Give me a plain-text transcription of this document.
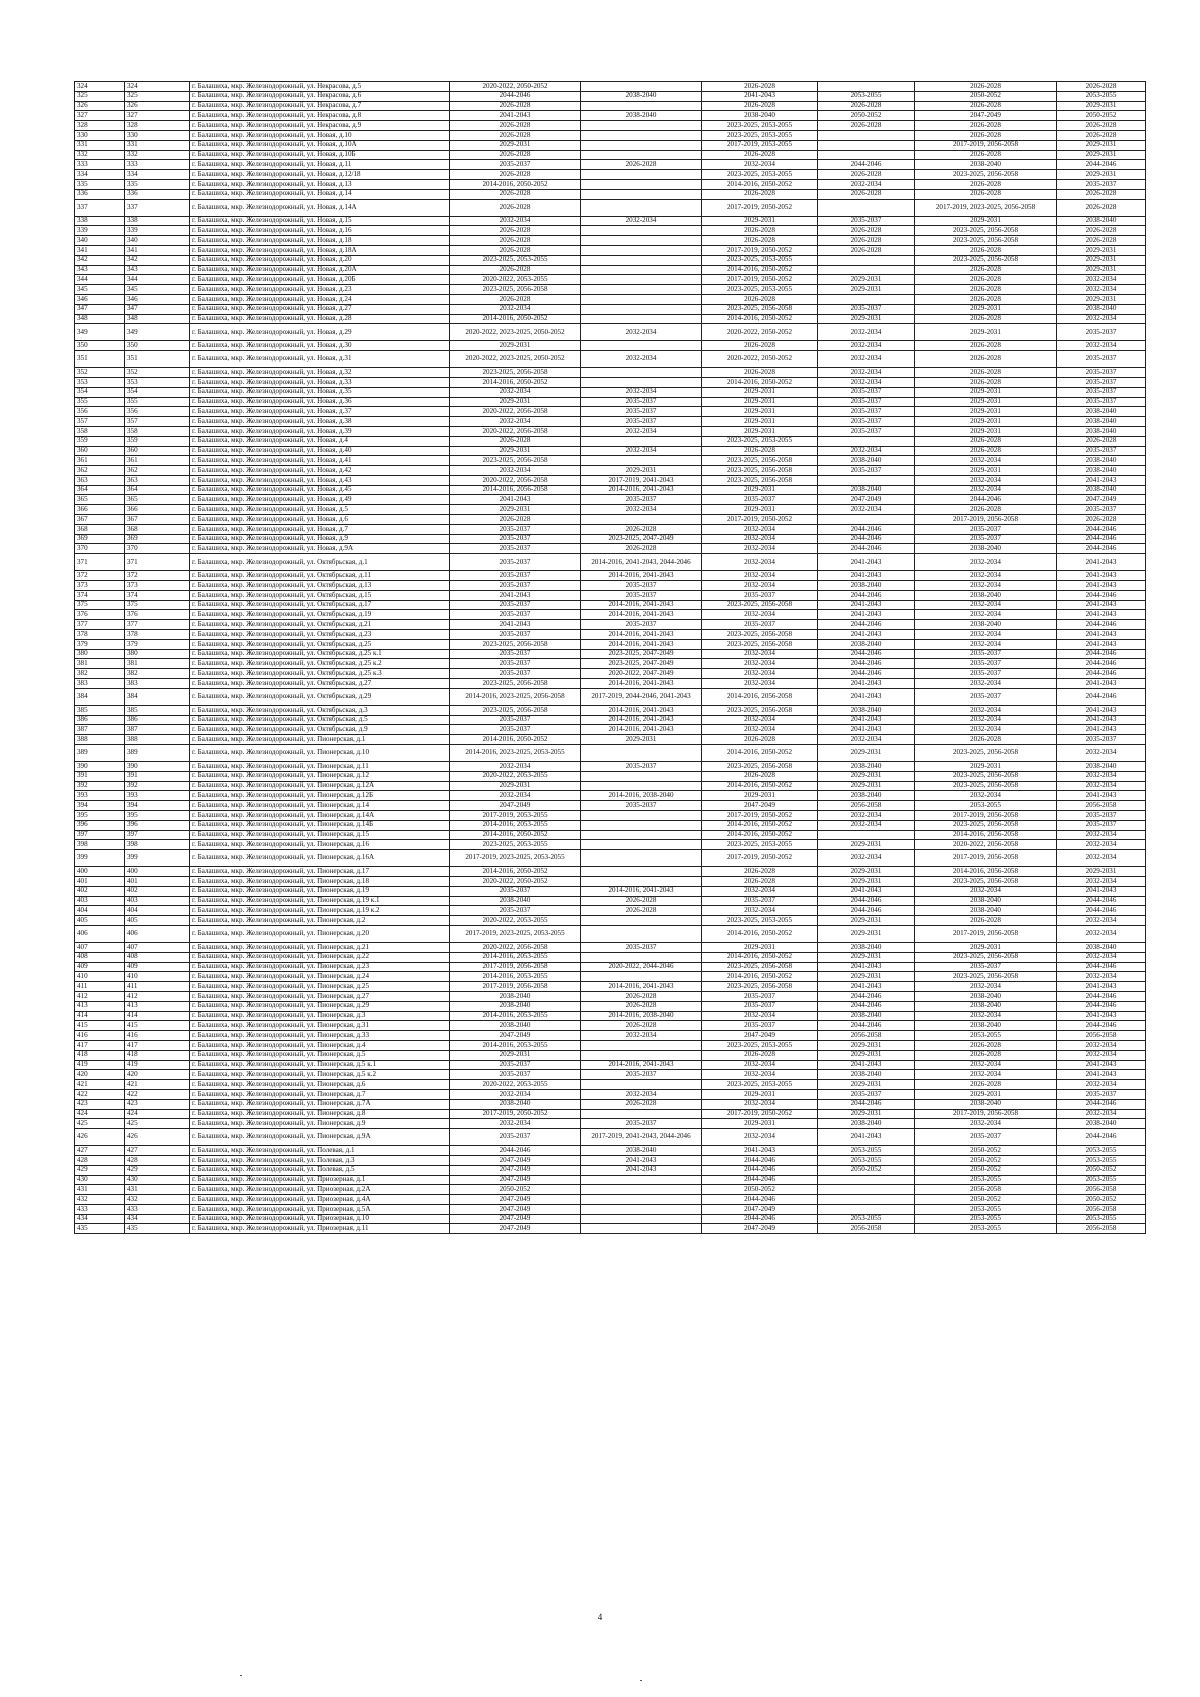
324	324	г. Балашиха, мкр. Железнодорожный, ул. Некрасова, д.5	2020-2022, 2050-2052		2026-2028		2026-2028	2026-2028
325	325	г. Балашиха, мкр. Железнодорожный, ул. Некрасова, д.6	2044-2046	2038-2040	2041-2043	2053-2055	2050-2052	2053-2055
326	326	г. Балашиха, мкр. Железнодорожный, ул. Некрасова, д.7	2026-2028		2026-2028	2026-2028	2026-2028	2029-2031
327	327	г. Балашиха, мкр. Железнодорожный, ул. Некрасова, д.8	2041-2043	2038-2040	2038-2040	2050-2052	2047-2049	2050-2052
328	328	г. Балашиха, мкр. Железнодорожный, ул. Некрасова, д.9	2026-2028		2023-2025, 2053-2055	2026-2028	2026-2028	2026-2028
330	330	г. Балашиха, мкр. Железнодорожный, ул. Новая, д.10	2026-2028		2023-2025, 2053-2055		2026-2028	2026-2028
331	331	г. Балашиха, мкр. Железнодорожный, ул. Новая, д.10А	2029-2031		2017-2019, 2053-2055		2017-2019, 2056-2058	2029-2031
332	332	г. Балашиха, мкр. Железнодорожный, ул. Новая, д.10Б	2026-2028		2026-2028		2026-2028	2029-2031
333	333	г. Балашиха, мкр. Железнодорожный, ул. Новая, д.11	2035-2037	2026-2028	2032-2034	2044-2046	2038-2040	2044-2046
334	334	г. Балашиха, мкр. Железнодорожный, ул. Новая, д.12/18	2026-2028		2023-2025, 2053-2055	2026-2028	2023-2025, 2056-2058	2029-2031
335	335	г. Балашиха, мкр. Железнодорожный, ул. Новая, д.13	2014-2016, 2050-2052		2014-2016, 2050-2052	2032-2034	2026-2028	2035-2037
336	336	г. Балашиха, мкр. Железнодорожный, ул. Новая, д.14	2026-2028		2026-2028	2026-2028	2026-2028	2026-2028
337	337	г. Балашиха, мкр. Железнодорожный, ул. Новая, д.14А	2026-2028		2017-2019, 2050-2052		2017-2019, 2023-2025, 2056-2058	2026-2028
338	338	г. Балашиха, мкр. Железнодорожный, ул. Новая, д.15	2032-2034	2032-2034	2029-2031	2035-2037	2029-2031	2038-2040
339	339	г. Балашиха, мкр. Железнодорожный, ул. Новая, д.16	2026-2028		2026-2028	2026-2028	2023-2025, 2056-2058	2026-2028
340	340	г. Балашиха, мкр. Железнодорожный, ул. Новая, д.18	2026-2028		2026-2028	2026-2028	2023-2025, 2056-2058	2026-2028
341	341	г. Балашиха, мкр. Железнодорожный, ул. Новая, д.18А	2026-2028		2017-2019, 2050-2052	2026-2028	2026-2028	2029-2031
342	342	г. Балашиха, мкр. Железнодорожный, ул. Новая, д.20	2023-2025, 2053-2055		2023-2025, 2053-2055		2023-2025, 2056-2058	2029-2031
343	343	г. Балашиха, мкр. Железнодорожный, ул. Новая, д.20А	2026-2028		2014-2016, 2050-2052		2026-2028	2029-2031
344	344	г. Балашиха, мкр. Железнодорожный, ул. Новая, д.20Б	2020-2022, 2053-2055		2017-2019, 2050-2052	2029-2031	2026-2028	2032-2034
345	345	г. Балашиха, мкр. Железнодорожный, ул. Новая, д.23	2023-2025, 2056-2058		2023-2025, 2053-2055	2029-2031	2026-2028	2032-2034
346	346	г. Балашиха, мкр. Железнодорожный, ул. Новая, д.24	2026-2028		2026-2028		2026-2028	2029-2031
347	347	г. Балашиха, мкр. Железнодорожный, ул. Новая, д.27	2032-2034		2023-2025, 2056-2058	2035-2037	2029-2031	2038-2040
348	348	г. Балашиха, мкр. Железнодорожный, ул. Новая, д.28	2014-2016, 2050-2052		2014-2016, 2050-2052	2029-2031	2026-2028	2032-2034
349	349	г. Балашиха, мкр. Железнодорожный, ул. Новая, д.29	2020-2022, 2023-2025, 2050-2052	2032-2034	2020-2022, 2050-2052	2032-2034	2029-2031	2035-2037
350	350	г. Балашиха, мкр. Железнодорожный, ул. Новая, д.30	2029-2031		2026-2028	2032-2034	2026-2028	2032-2034
351	351	г. Балашиха, мкр. Железнодорожный, ул. Новая, д.31	2020-2022, 2023-2025, 2050-2052	2032-2034	2020-2022, 2050-2052	2032-2034	2026-2028	2035-2037
352	352	г. Балашиха, мкр. Железнодорожный, ул. Новая, д.32	2023-2025, 2056-2058		2026-2028	2032-2034	2026-2028	2035-2037
353	353	г. Балашиха, мкр. Железнодорожный, ул. Новая, д.33	2014-2016, 2050-2052		2014-2016, 2050-2052	2032-2034	2026-2028	2035-2037
354	354	г. Балашиха, мкр. Железнодорожный, ул. Новая, д.35	2032-2034	2032-2034	2029-2031	2035-2037	2029-2031	2035-2037
355	355	г. Балашиха, мкр. Железнодорожный, ул. Новая, д.36	2029-2031	2035-2037	2029-2031	2035-2037	2029-2031	2035-2037
356	356	г. Балашиха, мкр. Железнодорожный, ул. Новая, д.37	2020-2022, 2056-2058	2035-2037	2029-2031	2035-2037	2029-2031	2038-2040
357	357	г. Балашиха, мкр. Железнодорожный, ул. Новая, д.38	2032-2034	2035-2037	2029-2031	2035-2037	2029-2031	2038-2040
358	358	г. Балашиха, мкр. Железнодорожный, ул. Новая, д.39	2020-2022, 2056-2058	2032-2034	2029-2031	2035-2037	2029-2031	2038-2040
359	359	г. Балашиха, мкр. Железнодорожный, ул. Новая, д.4	2026-2028		2023-2025, 2053-2055		2026-2028	2026-2028
360	360	г. Балашиха, мкр. Железнодорожный, ул. Новая, д.40	2029-2031	2032-2034	2026-2028	2032-2034	2026-2028	2035-2037
361	361	г. Балашиха, мкр. Железнодорожный, ул. Новая, д.41	2023-2025, 2056-2058		2023-2025, 2056-2058	2038-2040	2032-2034	2038-2040
362	362	г. Балашиха, мкр. Железнодорожный, ул. Новая, д.42	2032-2034	2029-2031	2023-2025, 2056-2058	2035-2037	2029-2031	2038-2040
363	363	г. Балашиха, мкр. Железнодорожный, ул. Новая, д.43	2020-2022, 2056-2058	2017-2019, 2041-2043	2023-2025, 2056-2058		2032-2034	2041-2043
364	364	г. Балашиха, мкр. Железнодорожный, ул. Новая, д.45	2014-2016, 2056-2058	2014-2016, 2041-2043	2029-2031	2038-2040	2032-2034	2038-2040
365	365	г. Балашиха, мкр. Железнодорожный, ул. Новая, д.49	2041-2043	2035-2037	2035-2037	2047-2049	2044-2046	2047-2049
366	366	г. Балашиха, мкр. Железнодорожный, ул. Новая, д.5	2029-2031	2032-2034	2029-2031	2032-2034	2026-2028	2035-2037
367	367	г. Балашиха, мкр. Железнодорожный, ул. Новая, д.6	2026-2028		2017-2019, 2050-2052		2017-2019, 2056-2058	2026-2028
368	368	г. Балашиха, мкр. Железнодорожный, ул. Новая, д.7	2035-2037	2026-2028	2032-2034	2044-2046	2035-2037	2044-2046
369	369	г. Балашиха, мкр. Железнодорожный, ул. Новая, д.9	2035-2037	2023-2025, 2047-2049	2032-2034	2044-2046	2035-2037	2044-2046
370	370	г. Балашиха, мкр. Железнодорожный, ул. Новая, д.9А	2035-2037	2026-2028	2032-2034	2044-2046	2038-2040	2044-2046
371	371	г. Балашиха, мкр. Железнодорожный, ул. Октябрьская, д.1	2035-2037	2014-2016, 2041-2043, 2044-2046	2032-2034	2041-2043	2032-2034	2041-2043
372	372	г. Балашиха, мкр. Железнодорожный, ул. Октябрьская, д.11	2035-2037	2014-2016, 2041-2043	2032-2034	2041-2043	2032-2034	2041-2043
373	373	г. Балашиха, мкр. Железнодорожный, ул. Октябрьская, д.13	2035-2037	2035-2037	2032-2034	2038-2040	2032-2034	2041-2043
374	374	г. Балашиха, мкр. Железнодорожный, ул. Октябрьская, д.15	2041-2043	2035-2037	2035-2037	2044-2046	2038-2040	2044-2046
375	375	г. Балашиха, мкр. Железнодорожный, ул. Октябрьская, д.17	2035-2037	2014-2016, 2041-2043	2023-2025, 2056-2058	2041-2043	2032-2034	2041-2043
376	376	г. Балашиха, мкр. Железнодорожный, ул. Октябрьская, д.19	2035-2037	2014-2016, 2041-2043	2032-2034	2041-2043	2032-2034	2041-2043
377	377	г. Балашиха, мкр. Железнодорожный, ул. Октябрьская, д.21	2041-2043	2035-2037	2035-2037	2044-2046	2038-2040	2044-2046
378	378	г. Балашиха, мкр. Железнодорожный, ул. Октябрьская, д.23	2035-2037	2014-2016, 2041-2043	2023-2025, 2056-2058	2041-2043	2032-2034	2041-2043
379	379	г. Балашиха, мкр. Железнодорожный, ул. Октябрьская, д.25	2023-2025, 2056-2058	2014-2016, 2041-2043	2023-2025, 2056-2058	2038-2040	2032-2034	2041-2043
380	380	г. Балашиха, мкр. Железнодорожный, ул. Октябрьская, д.25 к.1	2035-2037	2023-2025, 2047-2049	2032-2034	2044-2046	2035-2037	2044-2046
381	381	г. Балашиха, мкр. Железнодорожный, ул. Октябрьская, д.25 к.2	2035-2037	2023-2025, 2047-2049	2032-2034	2044-2046	2035-2037	2044-2046
382	382	г. Балашиха, мкр. Железнодорожный, ул. Октябрьская, д.25 к.3	2035-2037	2020-2022, 2047-2049	2032-2034	2044-2046	2035-2037	2044-2046
383	383	г. Балашиха, мкр. Железнодорожный, ул. Октябрьская, д.27	2023-2025, 2056-2058	2014-2016, 2041-2043	2032-2034	2041-2043	2032-2034	2041-2043
384	384	г. Балашиха, мкр. Железнодорожный, ул. Октябрьская, д.29	2014-2016, 2023-2025, 2056-2058	2017-2019, 2044-2046, 2041-2043	2014-2016, 2056-2058	2041-2043	2035-2037	2044-2046
385	385	г. Балашиха, мкр. Железнодорожный, ул. Октябрьская, д.3	2023-2025, 2056-2058	2014-2016, 2041-2043	2023-2025, 2056-2058	2038-2040	2032-2034	2041-2043
386	386	г. Балашиха, мкр. Железнодорожный, ул. Октябрьская, д.5	2035-2037	2014-2016, 2041-2043	2032-2034	2041-2043	2032-2034	2041-2043
387	387	г. Балашиха, мкр. Железнодорожный, ул. Октябрьская, д.9	2035-2037	2014-2016, 2041-2043	2032-2034	2041-2043	2032-2034	2041-2043
388	388	г. Балашиха, мкр. Железнодорожный, ул. Пионерская, д.1	2014-2016, 2050-2052	2029-2031	2026-2028	2032-2034	2026-2028	2035-2037
389	389	г. Балашиха, мкр. Железнодорожный, ул. Пионерская, д.10	2014-2016, 2023-2025, 2053-2055		2014-2016, 2050-2052	2029-2031	2023-2025, 2056-2058	2032-2034
390	390	г. Балашиха, мкр. Железнодорожный, ул. Пионерская, д.11	2032-2034	2035-2037	2023-2025, 2056-2058	2038-2040	2029-2031	2038-2040
391	391	г. Балашиха, мкр. Железнодорожный, ул. Пионерская, д.12	2020-2022, 2053-2055		2026-2028	2029-2031	2023-2025, 2056-2058	2032-2034
392	392	г. Балашиха, мкр. Железнодорожный, ул. Пионерская, д.12А	2029-2031		2014-2016, 2050-2052	2029-2031	2023-2025, 2056-2058	2032-2034
393	393	г. Балашиха, мкр. Железнодорожный, ул. Пионерская, д.12Б	2032-2034	2014-2016, 2038-2040	2029-2031	2038-2040	2032-2034	2041-2043
394	394	г. Балашиха, мкр. Железнодорожный, ул. Пионерская, д.14	2047-2049	2035-2037	2047-2049	2056-2058	2053-2055	2056-2058
395	395	г. Балашиха, мкр. Железнодорожный, ул. Пионерская, д.14А	2017-2019, 2053-2055		2017-2019, 2050-2052	2032-2034	2017-2019, 2056-2058	2035-2037
396	396	г. Балашиха, мкр. Железнодорожный, ул. Пионерская, д.14Б	2014-2016, 2053-2055		2014-2016, 2050-2052	2032-2034	2023-2025, 2056-2058	2035-2037
397	397	г. Балашиха, мкр. Железнодорожный, ул. Пионерская, д.15	2014-2016, 2050-2052		2014-2016, 2050-2052		2014-2016, 2056-2058	2032-2034
398	398	г. Балашиха, мкр. Железнодорожный, ул. Пионерская, д.16	2023-2025, 2053-2055		2023-2025, 2053-2055	2029-2031	2020-2022, 2056-2058	2032-2034
399	399	г. Балашиха, мкр. Железнодорожный, ул. Пионерская, д.16А	2017-2019, 2023-2025, 2053-2055		2017-2019, 2050-2052	2032-2034	2017-2019, 2056-2058	2032-2034
400	400	г. Балашиха, мкр. Железнодорожный, ул. Пионерская, д.17	2014-2016, 2050-2052		2026-2028	2029-2031	2014-2016, 2056-2058	2029-2031
401	401	г. Балашиха, мкр. Железнодорожный, ул. Пионерская, д.18	2020-2022, 2050-2052		2026-2028	2029-2031	2023-2025, 2056-2058	2032-2034
402	402	г. Балашиха, мкр. Железнодорожный, ул. Пионерская, д.19	2035-2037	2014-2016, 2041-2043	2032-2034	2041-2043	2032-2034	2041-2043
403	403	г. Балашиха, мкр. Железнодорожный, ул. Пионерская, д.19 к.1	2038-2040	2026-2028	2035-2037	2044-2046	2038-2040	2044-2046
404	404	г. Балашиха, мкр. Железнодорожный, ул. Пионерская, д.19 к.2	2035-2037	2026-2028	2032-2034	2044-2046	2038-2040	2044-2046
405	405	г. Балашиха, мкр. Железнодорожный, ул. Пионерская, д.2	2020-2022, 2053-2055		2023-2025, 2053-2055	2029-2031	2026-2028	2032-2034
406	406	г. Балашиха, мкр. Железнодорожный, ул. Пионерская, д.20	2017-2019, 2023-2025, 2053-2055		2014-2016, 2050-2052	2029-2031	2017-2019, 2056-2058	2032-2034
407	407	г. Балашиха, мкр. Железнодорожный, ул. Пионерская, д.21	2020-2022, 2056-2058	2035-2037	2029-2031	2038-2040	2029-2031	2038-2040
408	408	г. Балашиха, мкр. Железнодорожный, ул. Пионерская, д.22	2014-2016, 2053-2055		2014-2016, 2050-2052	2029-2031	2023-2025, 2056-2058	2032-2034
409	409	г. Балашиха, мкр. Железнодорожный, ул. Пионерская, д.23	2017-2019, 2056-2058	2020-2022, 2044-2046	2023-2025, 2056-2058	2041-2043	2035-2037	2044-2046
410	410	г. Балашиха, мкр. Железнодорожный, ул. Пионерская, д.24	2014-2016, 2053-2055		2014-2016, 2050-2052	2029-2031	2023-2025, 2056-2058	2032-2034
411	411	г. Балашиха, мкр. Железнодорожный, ул. Пионерская, д.25	2017-2019, 2056-2058	2014-2016, 2041-2043	2023-2025, 2056-2058	2041-2043	2032-2034	2041-2043
412	412	г. Балашиха, мкр. Железнодорожный, ул. Пионерская, д.27	2038-2040	2026-2028	2035-2037	2044-2046	2038-2040	2044-2046
413	413	г. Балашиха, мкр. Железнодорожный, ул. Пионерская, д.29	2038-2040	2026-2028	2035-2037	2044-2046	2038-2040	2044-2046
414	414	г. Балашиха, мкр. Железнодорожный, ул. Пионерская, д.3	2014-2016, 2053-2055	2014-2016, 2038-2040	2032-2034	2038-2040	2032-2034	2041-2043
415	415	г. Балашиха, мкр. Железнодорожный, ул. Пионерская, д.31	2038-2040	2026-2028	2035-2037	2044-2046	2038-2040	2044-2046
416	416	г. Балашиха, мкр. Железнодорожный, ул. Пионерская, д.33	2047-2049	2032-2034	2047-2049	2056-2058	2053-2055	2056-2058
417	417	г. Балашиха, мкр. Железнодорожный, ул. Пионерская, д.4	2014-2016, 2053-2055		2023-2025, 2053-2055	2029-2031	2026-2028	2032-2034
418	418	г. Балашиха, мкр. Железнодорожный, ул. Пионерская, д.5	2029-2031		2026-2028	2029-2031	2026-2028	2032-2034
419	419	г. Балашиха, мкр. Железнодорожный, ул. Пионерская, д.5 к.1	2035-2037	2014-2016, 2041-2043	2032-2034	2041-2043	2032-2034	2041-2043
420	420	г. Балашиха, мкр. Железнодорожный, ул. Пионерская, д.5 к.2	2035-2037	2035-2037	2032-2034	2038-2040	2032-2034	2041-2043
421	421	г. Балашиха, мкр. Железнодорожный, ул. Пионерская, д.6	2020-2022, 2053-2055		2023-2025, 2053-2055	2029-2031	2026-2028	2032-2034
422	422	г. Балашиха, мкр. Железнодорожный, ул. Пионерская, д.7	2032-2034	2032-2034	2029-2031	2035-2037	2029-2031	2035-2037
423	423	г. Балашиха, мкр. Железнодорожный, ул. Пионерская, д.7А	2038-2040	2026-2028	2032-2034	2044-2046	2038-2040	2044-2046
424	424	г. Балашиха, мкр. Железнодорожный, ул. Пионерская, д.8	2017-2019, 2050-2052		2017-2019, 2050-2052	2029-2031	2017-2019, 2056-2058	2032-2034
425	425	г. Балашиха, мкр. Железнодорожный, ул. Пионерская, д.9	2032-2034	2035-2037	2029-2031	2038-2040	2032-2034	2038-2040
426	426	г. Балашиха, мкр. Железнодорожный, ул. Пионерская, д.9А	2035-2037	2017-2019, 2041-2043, 2044-2046	2032-2034	2041-2043	2035-2037	2044-2046
427	427	г. Балашиха, мкр. Железнодорожный, ул. Полевая, д.1	2044-2046	2038-2040	2041-2043	2053-2055	2050-2052	2053-2055
428	428	г. Балашиха, мкр. Железнодорожный, ул. Полевая, д.3	2047-2049	2041-2043	2044-2046	2053-2055	2050-2052	2053-2055
429	429	г. Балашиха, мкр. Железнодорожный, ул. Полевая, д.5	2047-2049	2041-2043	2044-2046	2050-2052	2050-2052	2050-2052
430	430	г. Балашиха, мкр. Железнодорожный, ул. Приозерная, д.1	2047-2049		2044-2046		2053-2055	2053-2055
431	431	г. Балашиха, мкр. Железнодорожный, ул. Приозерная, д.2А	2050-2052		2050-2052		2056-2058	2056-2058
432	432	г. Балашиха, мкр. Железнодорожный, ул. Приозерная, д.4А	2047-2049		2044-2046		2050-2052	2050-2052
433	433	г. Балашиха, мкр. Железнодорожный, ул. Приозерная, д.5А	2047-2049		2047-2049		2053-2055	2056-2058
434	434	г. Балашиха, мкр. Железнодорожный, ул. Приозерная, д.10	2047-2049		2044-2046	2053-2055	2053-2055	2053-2055
435	435	г. Балашиха, мкр. Железнодорожный, ул. Приозерная, д.11	2047-2049		2047-2049	2056-2058	2053-2055	2056-2058
4
